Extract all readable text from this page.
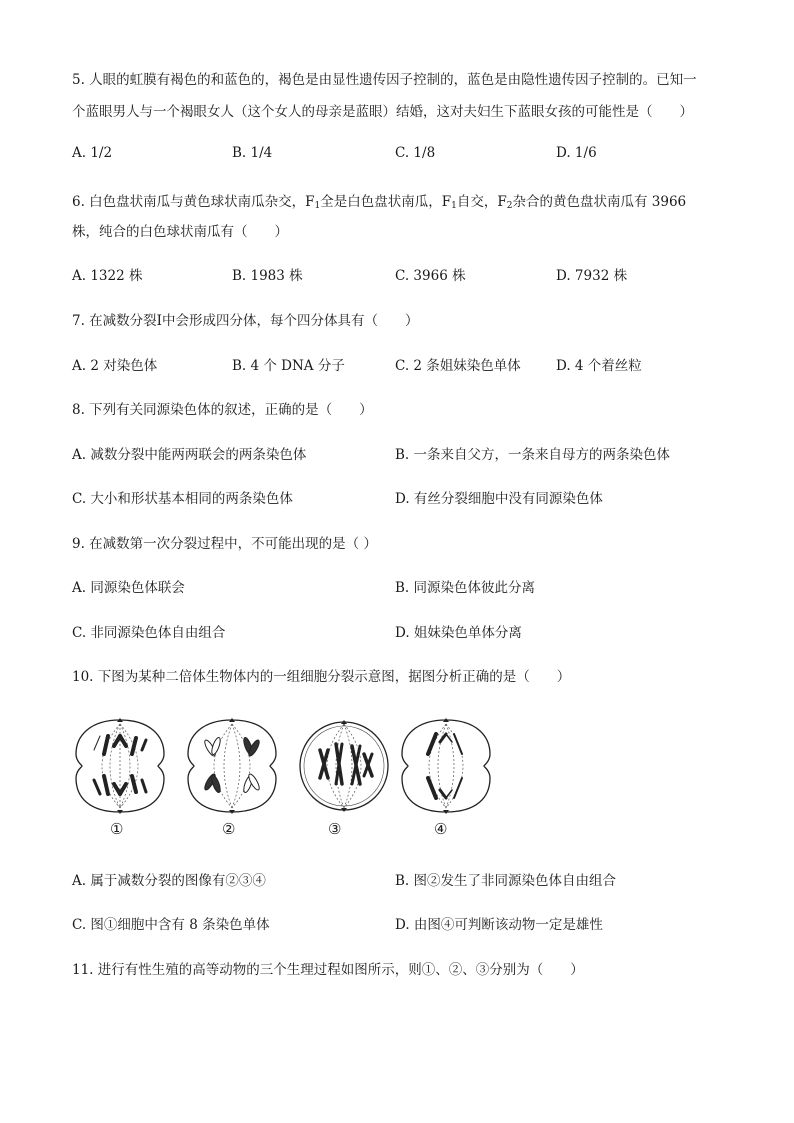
5. 人眼的虹膜有褐色的和蓝色的，褐色是由显性遗传因子控制的，蓝色是由隐性遗传因子控制的。已知一
个蓝眼男人与一个褐眼女人（这个女人的母亲是蓝眼）结婚，这对夫妇生下蓝眼女孩的可能性是（　　）
A. 1/2	B. 1/4	C. 1/8	D. 1/6
6. 白色盘状南瓜与黄色球状南瓜杂交，$F_1$全是白色盘状南瓜，$F_1$自交，$F_2$杂合的黄色盘状南瓜有 3966
株，纯合的白色球状南瓜有（　　）
A. 1322 株	B. 1983 株	C. 3966 株	D. 7932 株
7. 在减数分裂Ⅰ中会形成四分体，每个四分体具有（　　）
A. 2 对染色体	B. 4 个 DNA 分子	C. 2 条姐妹染色单体	D. 4 个着丝粒
8. 下列有关同源染色体的叙述，正确的是（　　）
A. 减数分裂中能两两联会的两条染色体	B. 一条来自父方，一条来自母方的两条染色体
C. 大小和形状基本相同的两条染色体	D. 有丝分裂细胞中没有同源染色体
9. 在减数第一次分裂过程中，不可能出现的是（ ）
A. 同源染色体联会	B. 同源染色体彼此分离
C. 非同源染色体自由组合	D. 姐妹染色单体分离
10. 下图为某种二倍体生物体内的一组细胞分裂示意图，据图分析正确的是（　　）
①	②	③	④
A. 属于减数分裂的图像有②③④	B. 图②发生了非同源染色体自由组合
C. 图①细胞中含有 8 条染色单体	D. 由图④可判断该动物一定是雄性
11. 进行有性生殖的高等动物的三个生理过程如图所示，则①、②、③分别为（　　）
